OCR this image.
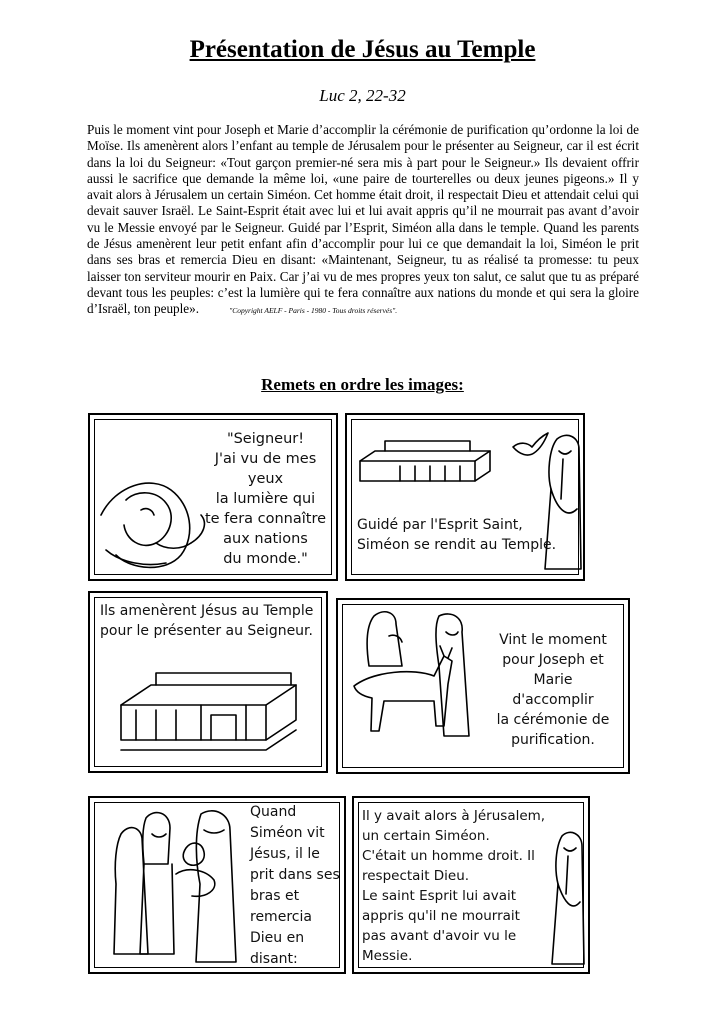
Présentation de Jésus au Temple
Luc 2, 22-32
Puis le moment vint pour Joseph et Marie d’accomplir la cérémonie de purification qu’ordonne la loi de Moïse. Ils amenèrent alors l’enfant au temple de Jérusalem pour le présenter au Seigneur, car il est écrit dans la loi du Seigneur: «Tout garçon premier-né sera mis à part pour le Seigneur.» Ils devaient offrir aussi le sacrifice que demande la même loi, «une paire de tourterelles ou deux jeunes pigeons.» Il y avait alors à Jérusalem un certain Siméon. Cet homme était droit, il respectait Dieu et attendait celui qui devait sauver Israël. Le Saint-Esprit était avec lui et lui avait appris qu’il ne mourrait pas avant d’avoir vu le Messie envoyé par le Seigneur. Guidé par l’Esprit, Siméon alla dans le temple. Quand les parents de Jésus amenèrent leur petit enfant afin d’accomplir pour lui ce que demandait la loi, Siméon le prit dans ses bras et remercia Dieu en disant: «Maintenant, Seigneur, tu as réalisé ta promesse: tu peux laisser ton serviteur mourir en Paix. Car j’ai vu de mes propres yeux ton salut, ce salut que tu as préparé devant tous les peuples: c’est la lumière qui te fera connaître aux nations du monde et qui sera la gloire d’Israël, ton peuple».	"Copyright AELF - Paris - 1980 - Tous droits réservés".
Remets en ordre les images:
"Seigneur!
J'ai vu de mes yeux
la lumière qui
te fera connaître
aux nations
du monde."
Guidé par l'Esprit Saint,
Siméon se rendit au Temple.
Ils amenèrent Jésus au Temple
pour le présenter au Seigneur.
Vint le moment
pour Joseph et Marie
d'accomplir
la cérémonie de
purification.
Quand
Siméon vit
Jésus, il le
prit dans ses
bras et
remercia
Dieu en
disant:
Il y avait alors à Jérusalem,
un certain Siméon.
C'était un homme droit. Il
respectait Dieu.
Le saint Esprit lui avait
appris qu'il ne mourrait
pas avant d'avoir vu le
Messie.
